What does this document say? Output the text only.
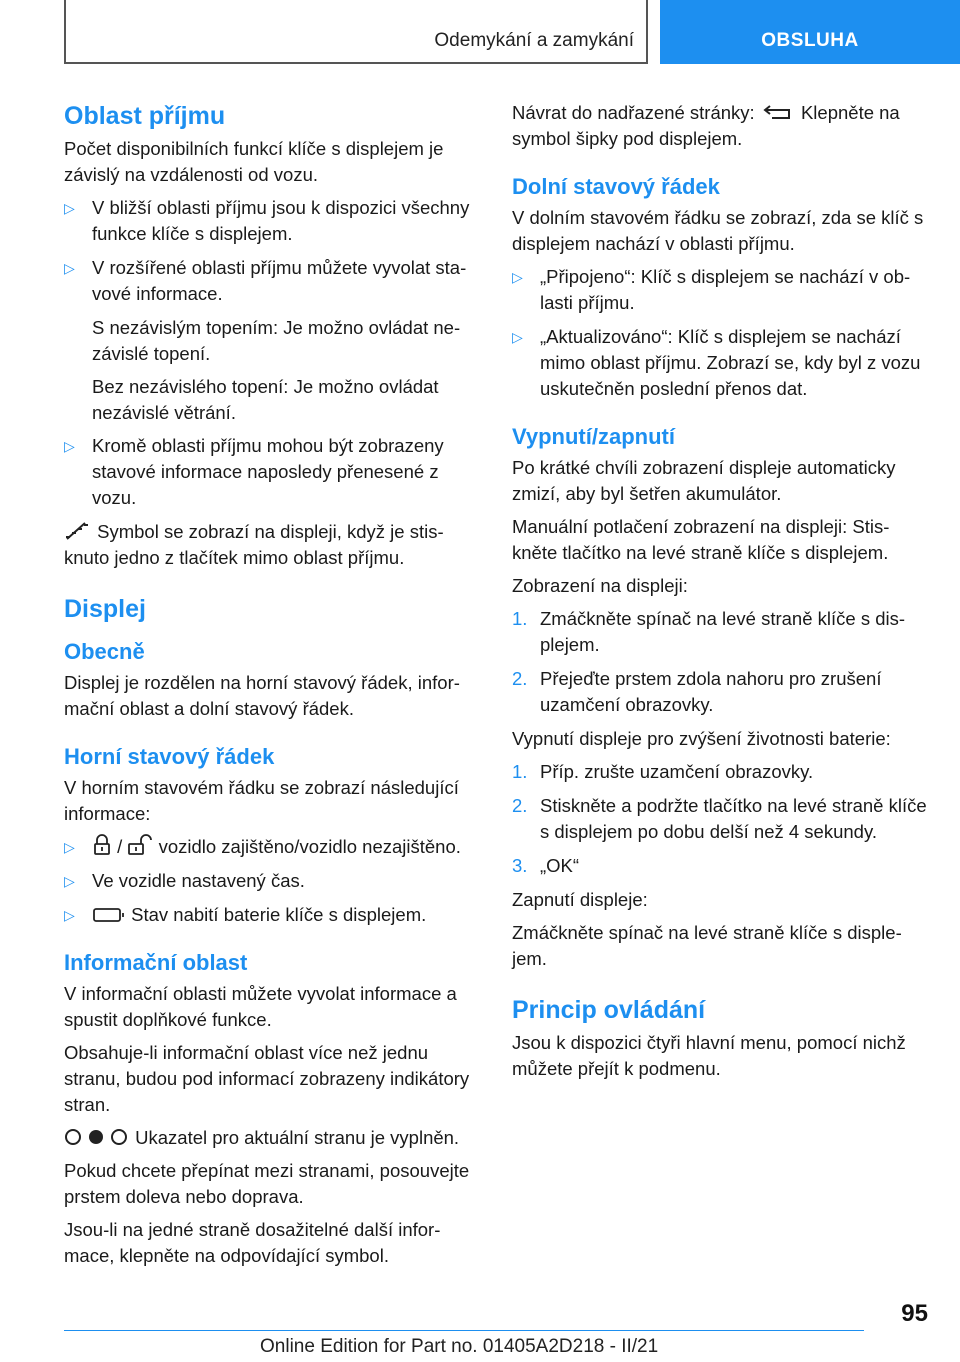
Odemykání a zamykání	OBSLUHA
Oblast příjmu

Počet disponibilních funkcí klíče s displejem je závislý na vzdálenosti od vozu.

▷ V bližší oblasti příjmu jsou k dispozici všechny funkce klíče s displejem.
▷ V rozšířené oblasti příjmu můžete vyvolat stavové informace.

S nezávislým topením: Je možno ovládat nezávislé topení.

Bez nezávislého topení: Je možno ovládat nezávislé větrání.

▷ Kromě oblasti příjmu mohou být zobrazeny stavové informace naposledy přenesené z vozu.

Symbol se zobrazí na displeji, když je stisknuto jedno z tlačítek mimo oblast příjmu.

Displej
Obecně

Displej je rozdělen na horní stavový řádek, informační oblast a dolní stavový řádek.

Horní stavový řádek

V horním stavovém řádku se zobrazí následující informace:

▷ / vozidlo zajištěno/vozidlo nezajištěno.
▷ Ve vozidle nastavený čas.
▷	Stav nabití baterie klíče s displejem.
Informační oblast

V informační oblasti můžete vyvolat informace a spustit doplňkové funkce.

Obsahuje-li informační oblast více než jednu stranu, budou pod informací zobrazeny indikátory stran.

Ukazatel pro aktuální stranu je vyplněn.

Pokud chcete přepínat mezi stranami, posouvejte prstem doleva nebo doprava.

Jsou-li na jedné straně dosažitelné další informace, klepněte na odpovídající symbol.

Návrat do nadřazené stránky:	Klepněte na symbol šipky pod displejem.

Dolní stavový řádek

V dolním stavovém řádku se zobrazí, zda se klíč s displejem nachází v oblasti příjmu.

▷ „Připojeno“: Klíč s displejem se nachází v oblasti příjmu.
▷ „Aktualizováno“: Klíč s displejem se nachází mimo oblast příjmu. Zobrazí se, kdy byl z vozu uskutečněn poslední přenos dat.
Vypnutí/zapnutí

Po krátké chvíli zobrazení displeje automaticky zmizí, aby byl šetřen akumulátor.

Manuální potlačení zobrazení na displeji: Stiskněte tlačítko na levé straně klíče s displejem.

Zobrazení na displeji:

1. Zmáčkněte spínač na levé straně klíče s displejem.
2. Přejeďte prstem zdola nahoru pro zrušení uzamčení obrazovky.

Vypnutí displeje pro zvýšení životnosti baterie:

1. Příp. zrušte uzamčení obrazovky.
2. Stiskněte a podržte tlačítko na levé straně klíče s displejem po dobu delší než 4 sekundy.
3. „OK“

Zapnutí displeje:

Zmáčkněte spínač na levé straně klíče s displejem.

Princip ovládání

Jsou k dispozici čtyři hlavní menu, pomocí nichž můžete přejít k podmenu.

95
Online Edition for Part no. 01405A2D218 - II/21
